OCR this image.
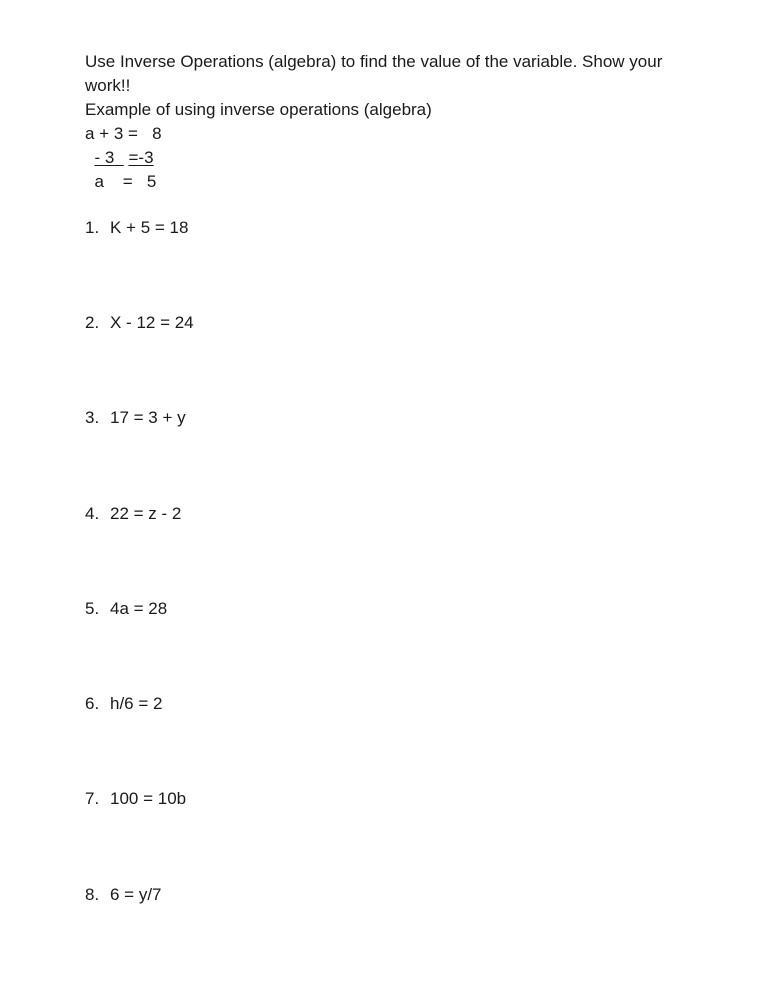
Use Inverse Operations (algebra) to find the value of the variable. Show your work!!

Example of using inverse operations (algebra)
a + 3 =   8
- 3 =-3
a    =   5
1. K + 5 = 18
2. X - 12 = 24
3. 17 = 3 + y
4. 22 = z - 2
5. 4a = 28
6. h/6 = 2
7. 100 = 10b
8. 6 = y/7
